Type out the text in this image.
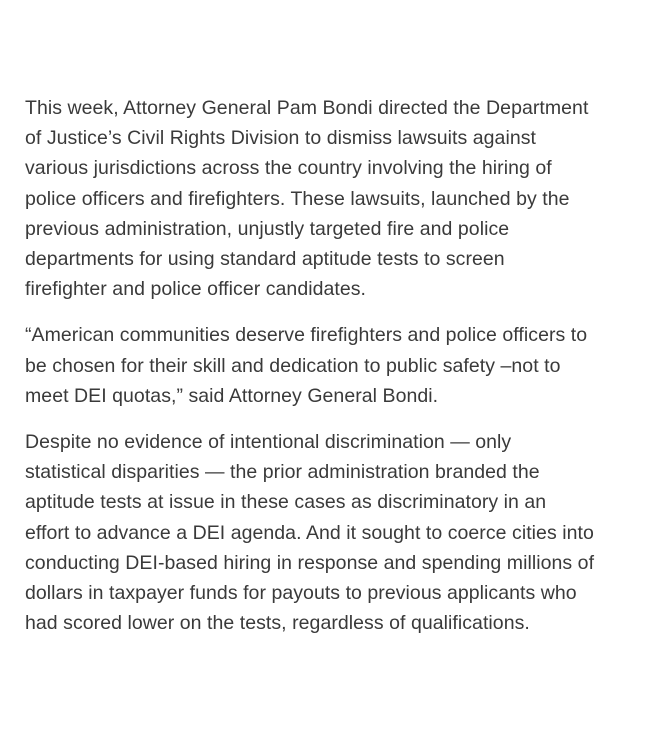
This week, Attorney General Pam Bondi directed the Department
of Justice’s Civil Rights Division to dismiss lawsuits against
various jurisdictions across the country involving the hiring of
police officers and firefighters. These lawsuits, launched by the
previous administration, unjustly targeted fire and police
departments for using standard aptitude tests to screen
firefighter and police officer candidates.

“American communities deserve firefighters and police officers to
be chosen for their skill and dedication to public safety –not to
meet DEI quotas,” said Attorney General Bondi.

Despite no evidence of intentional discrimination — only
statistical disparities — the prior administration branded the
aptitude tests at issue in these cases as discriminatory in an
effort to advance a DEI agenda. And it sought to coerce cities into
conducting DEI-based hiring in response and spending millions of
dollars in taxpayer funds for payouts to previous applicants who
had scored lower on the tests, regardless of qualifications.
